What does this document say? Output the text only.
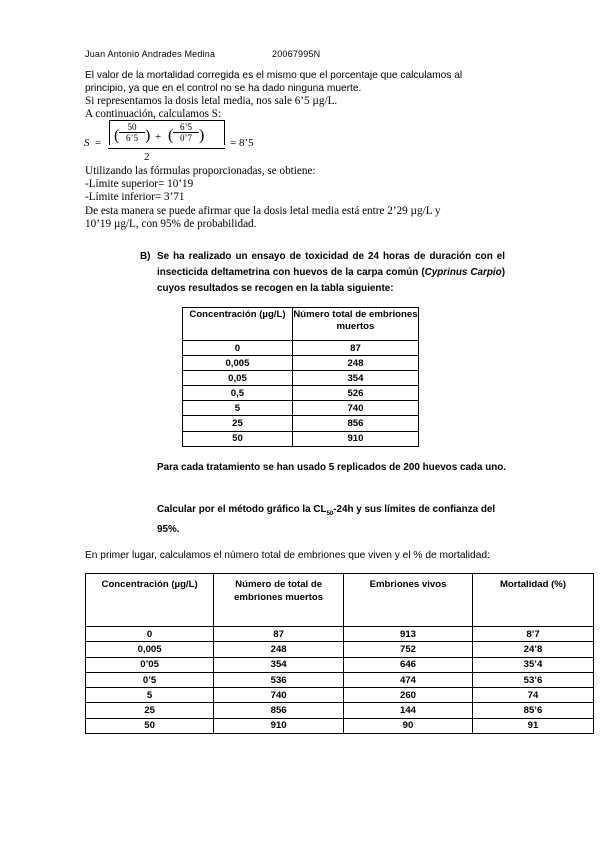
Juan Antonio Andrades Medina	20067995N
El valor de la mortalidad corregida es el mismo que el porcentaje que calculamos al
principio, ya que en el control no se ha dado ninguna muerte.
Si representamos la dosis letal media, nos sale 6’5 µg/L.
A continuación, calculamos S:
S = ( $\frac{50}{6’5}$ ) + ( $\frac{6’5}{0’7}$ )
2
= 8’5
Utilizando las fórmulas proporcionadas, se obtiene:
-Límite superior= 10’19
-Límite inferior= 3’71
De esta manera se puede afirmar que la dosis letal media está entre 2’29 µg/L y
10’19 µg/L, con 95% de probabilidad.
B) Se ha realizado un ensayo de toxicidad de 24 horas de duración con el insecticida deltametrina con huevos de la carpa común (Cyprinus Carpio) cuyos resultados se recogen en la tabla siguiente:
Concentración (µg/L)	Número total de embriones muertos
0	87
0,005	248
0,05	354
0,5	526
5	740
25	856
50	910
Para cada tratamiento se han usado 5 replicados de 200 huevos cada uno.
Calcular por el método gráfico la $CL_{50}-24h$ y sus límites de confianza del 95%.
En primer lugar, calculamos el número total de embriones que viven y el % de mortalidad:
Concentración (µg/L)	Número de total de embriones muertos	Embriones vivos	Mortalidad (%)
0	87	913	8’7
0,005	248	752	24’8
0’05	354	646	35’4
0’5	536	474	53’6
5	740	260	74
25	856	144	85’6
50	910	90	91
